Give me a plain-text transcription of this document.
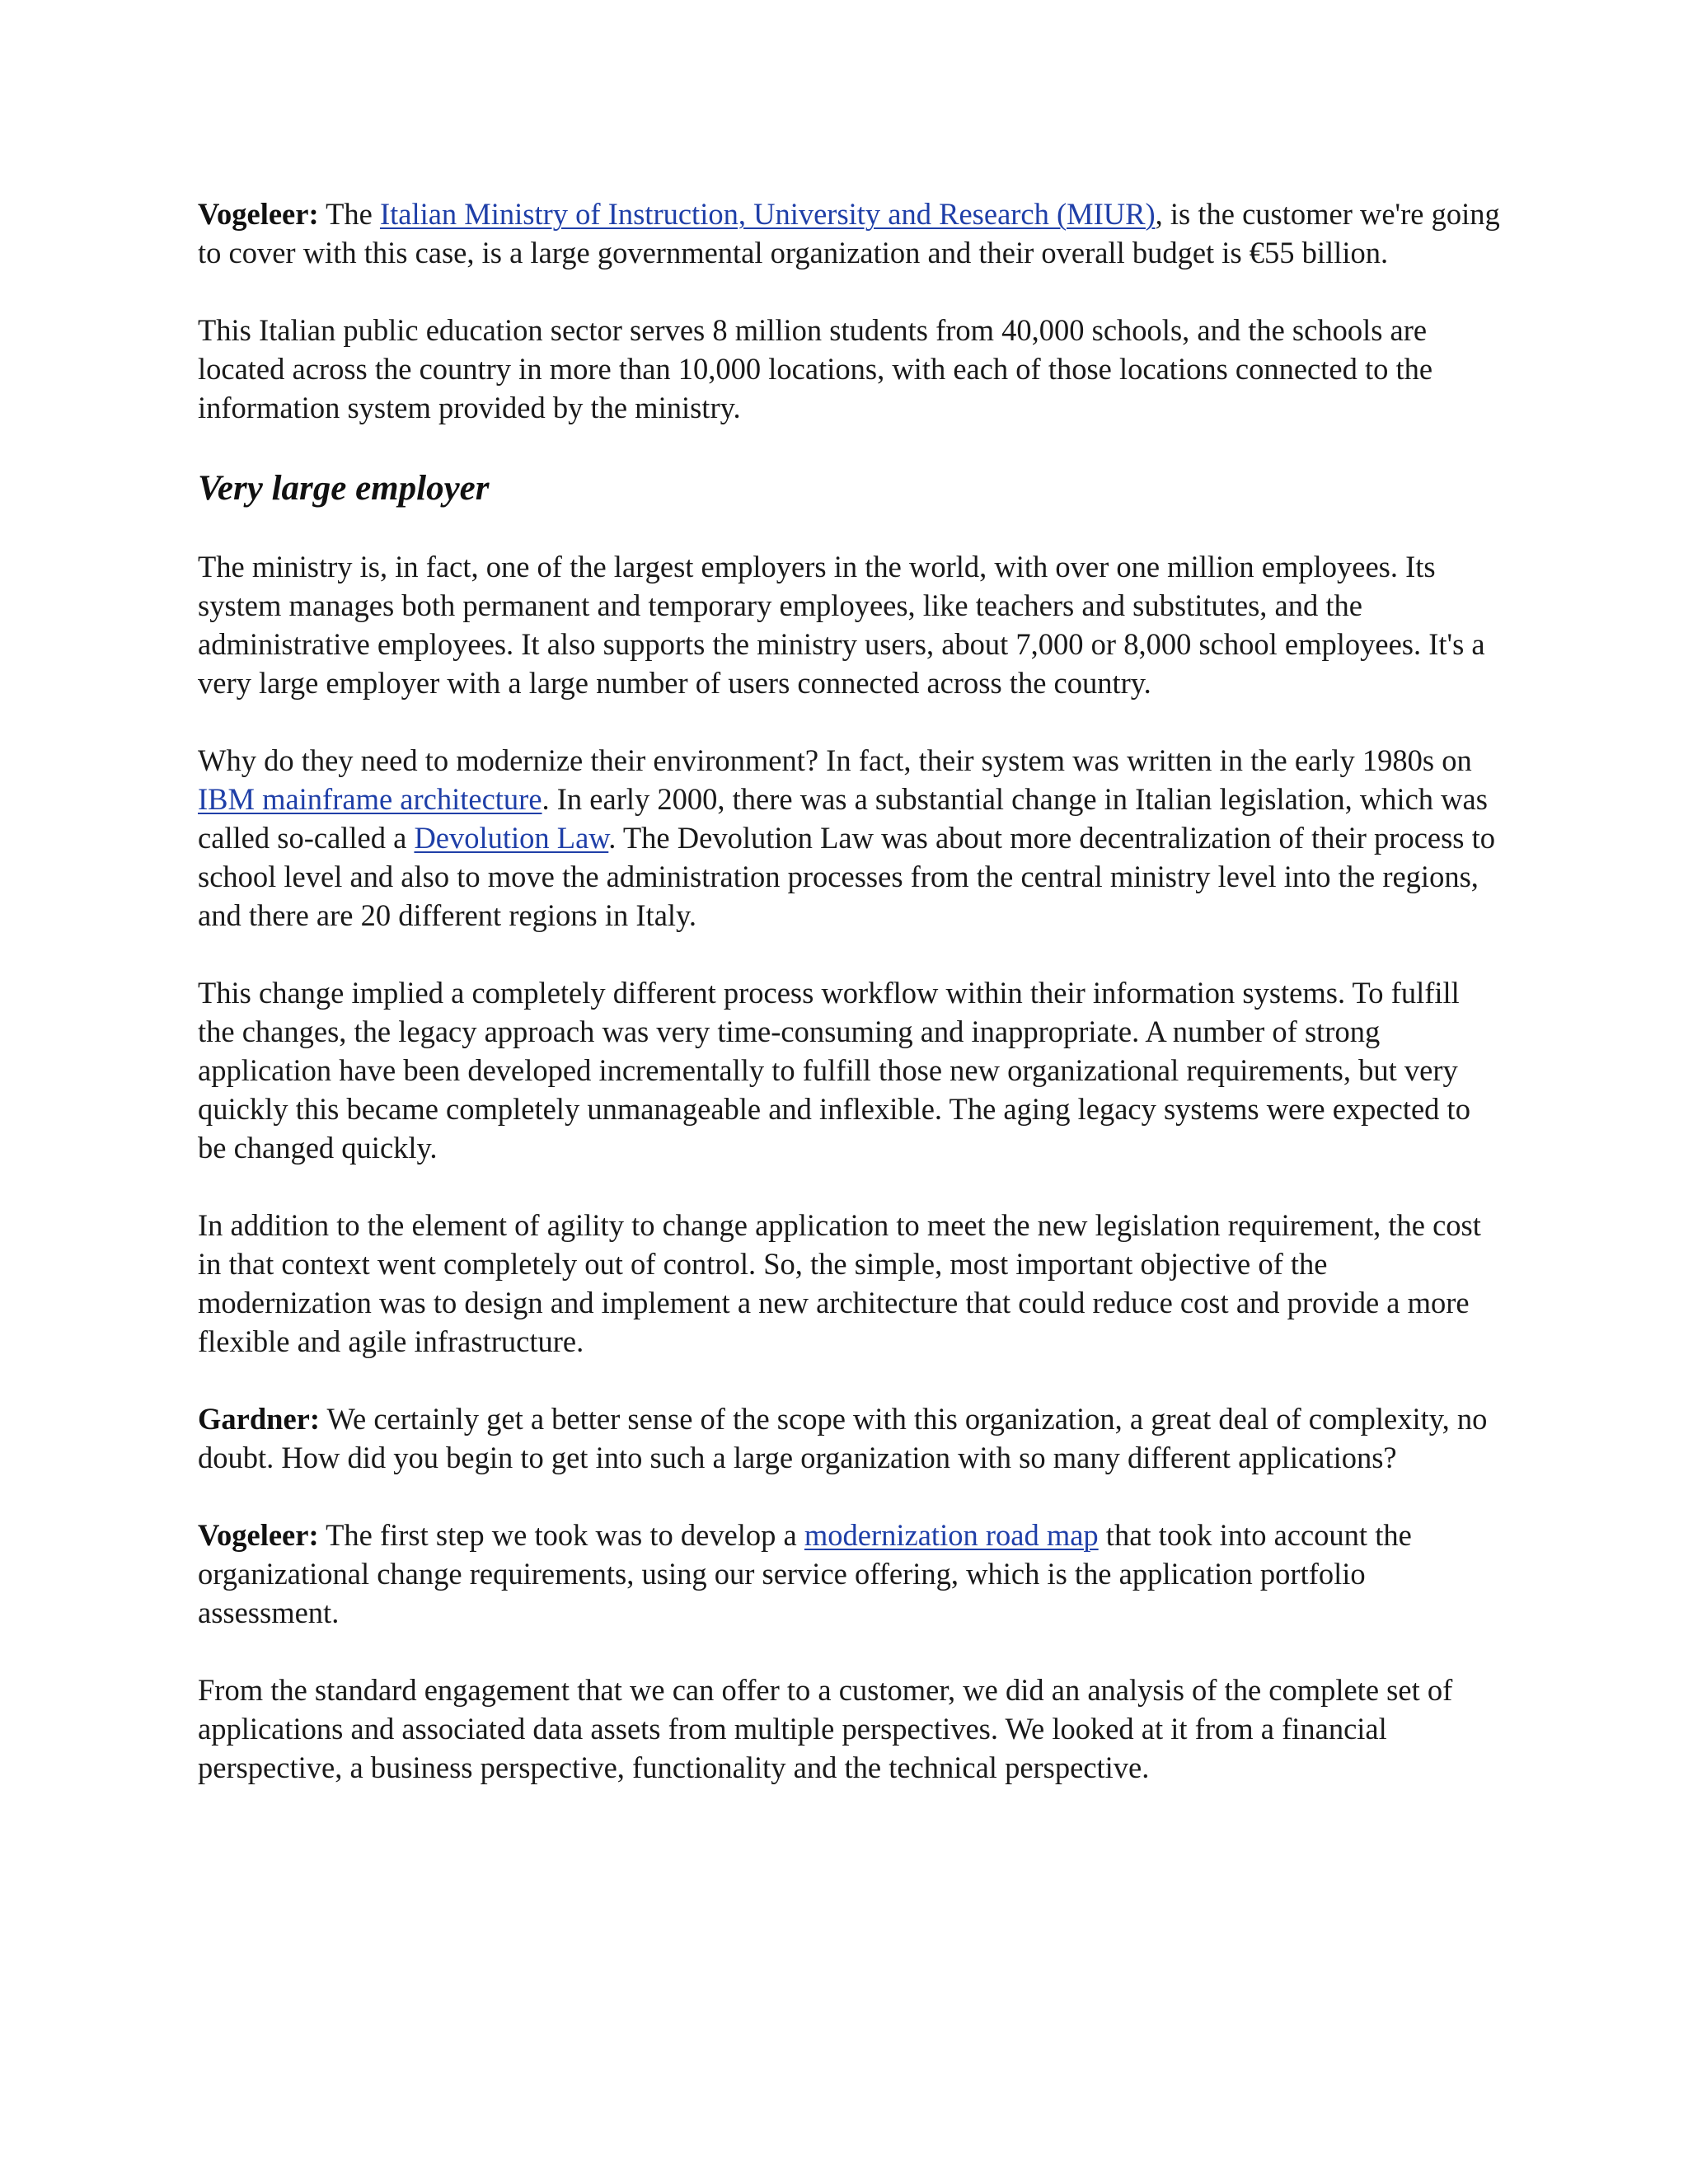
Vogeleer: The Italian Ministry of Instruction, University and Research (MIUR), is the customer we're going to cover with this case, is a large governmental organization and their overall budget is €55 billion.

This Italian public education sector serves 8 million students from 40,000 schools, and the schools are located across the country in more than 10,000 locations, with each of those locations connected to the information system provided by the ministry.

Very large employer

The ministry is, in fact, one of the largest employers in the world, with over one million employees. Its system manages both permanent and temporary employees, like teachers and substitutes, and the administrative employees. It also supports the ministry users, about 7,000 or 8,000 school employees. It's a very large employer with a large number of users connected across the country.

Why do they need to modernize their environment? In fact, their system was written in the early 1980s on IBM mainframe architecture. In early 2000, there was a substantial change in Italian legislation, which was called so-called a Devolution Law. The Devolution Law was about more decentralization of their process to school level and also to move the administration processes from the central ministry level into the regions, and there are 20 different regions in Italy.

This change implied a completely different process workflow within their information systems. To fulfill the changes, the legacy approach was very time-consuming and inappropriate. A number of strong application have been developed incrementally to fulfill those new organizational requirements, but very quickly this became completely unmanageable and inflexible. The aging legacy systems were expected to be changed quickly.

In addition to the element of agility to change application to meet the new legislation requirement, the cost in that context went completely out of control. So, the simple, most important objective of the modernization was to design and implement a new architecture that could reduce cost and provide a more flexible and agile infrastructure.

Gardner: We certainly get a better sense of the scope with this organization, a great deal of complexity, no doubt. How did you begin to get into such a large organization with so many different applications?

Vogeleer: The first step we took was to develop a modernization road map that took into account the organizational change requirements, using our service offering, which is the application portfolio assessment.

From the standard engagement that we can offer to a customer, we did an analysis of the complete set of applications and associated data assets from multiple perspectives. We looked at it from a financial perspective, a business perspective, functionality and the technical perspective.
